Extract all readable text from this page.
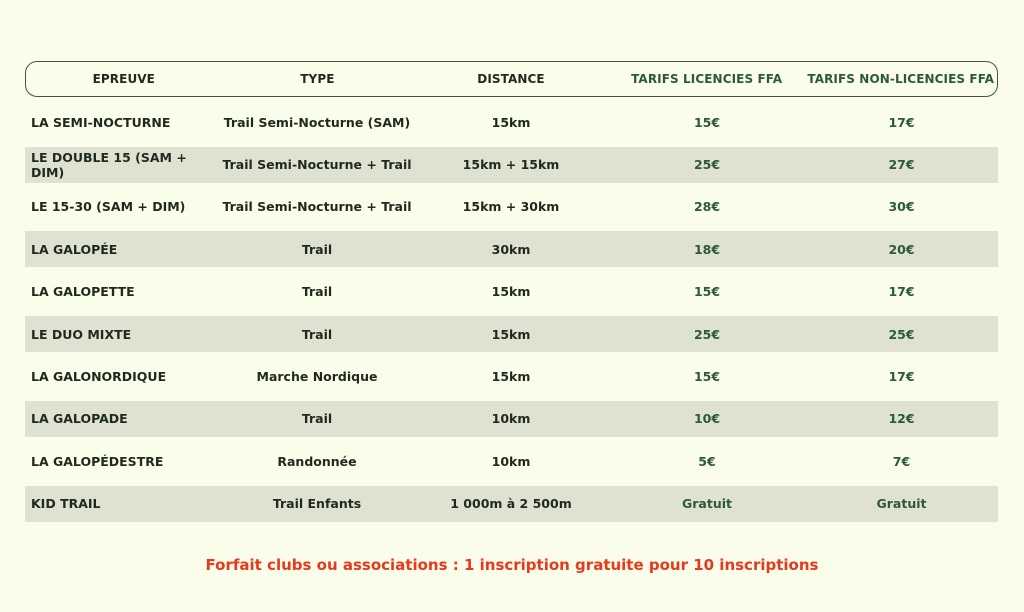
EPREUVE	TYPE	DISTANCE	TARIFS LICENCIES FFA	TARIFS NON-LICENCIES FFA
LA SEMI-NOCTURNE	Trail Semi-Nocturne (SAM)	15km	15€	17€
LE DOUBLE 15 (SAM + DIM)	Trail Semi-Nocturne + Trail	15km + 15km	25€	27€
LE 15-30 (SAM + DIM)	Trail Semi-Nocturne + Trail	15km + 30km	28€	30€
LA GALOPÉE	Trail	30km	18€	20€
LA GALOPETTE	Trail	15km	15€	17€
LE DUO MIXTE	Trail	15km	25€	25€
LA GALONORDIQUE	Marche Nordique	15km	15€	17€
LA GALOPADE	Trail	10km	10€	12€
LA GALOPÉDESTRE	Randonnée	10km	5€	7€
KID TRAIL	Trail Enfants	1 000m à 2 500m	Gratuit	Gratuit
Forfait clubs ou associations : 1 inscription gratuite pour 10 inscriptions
